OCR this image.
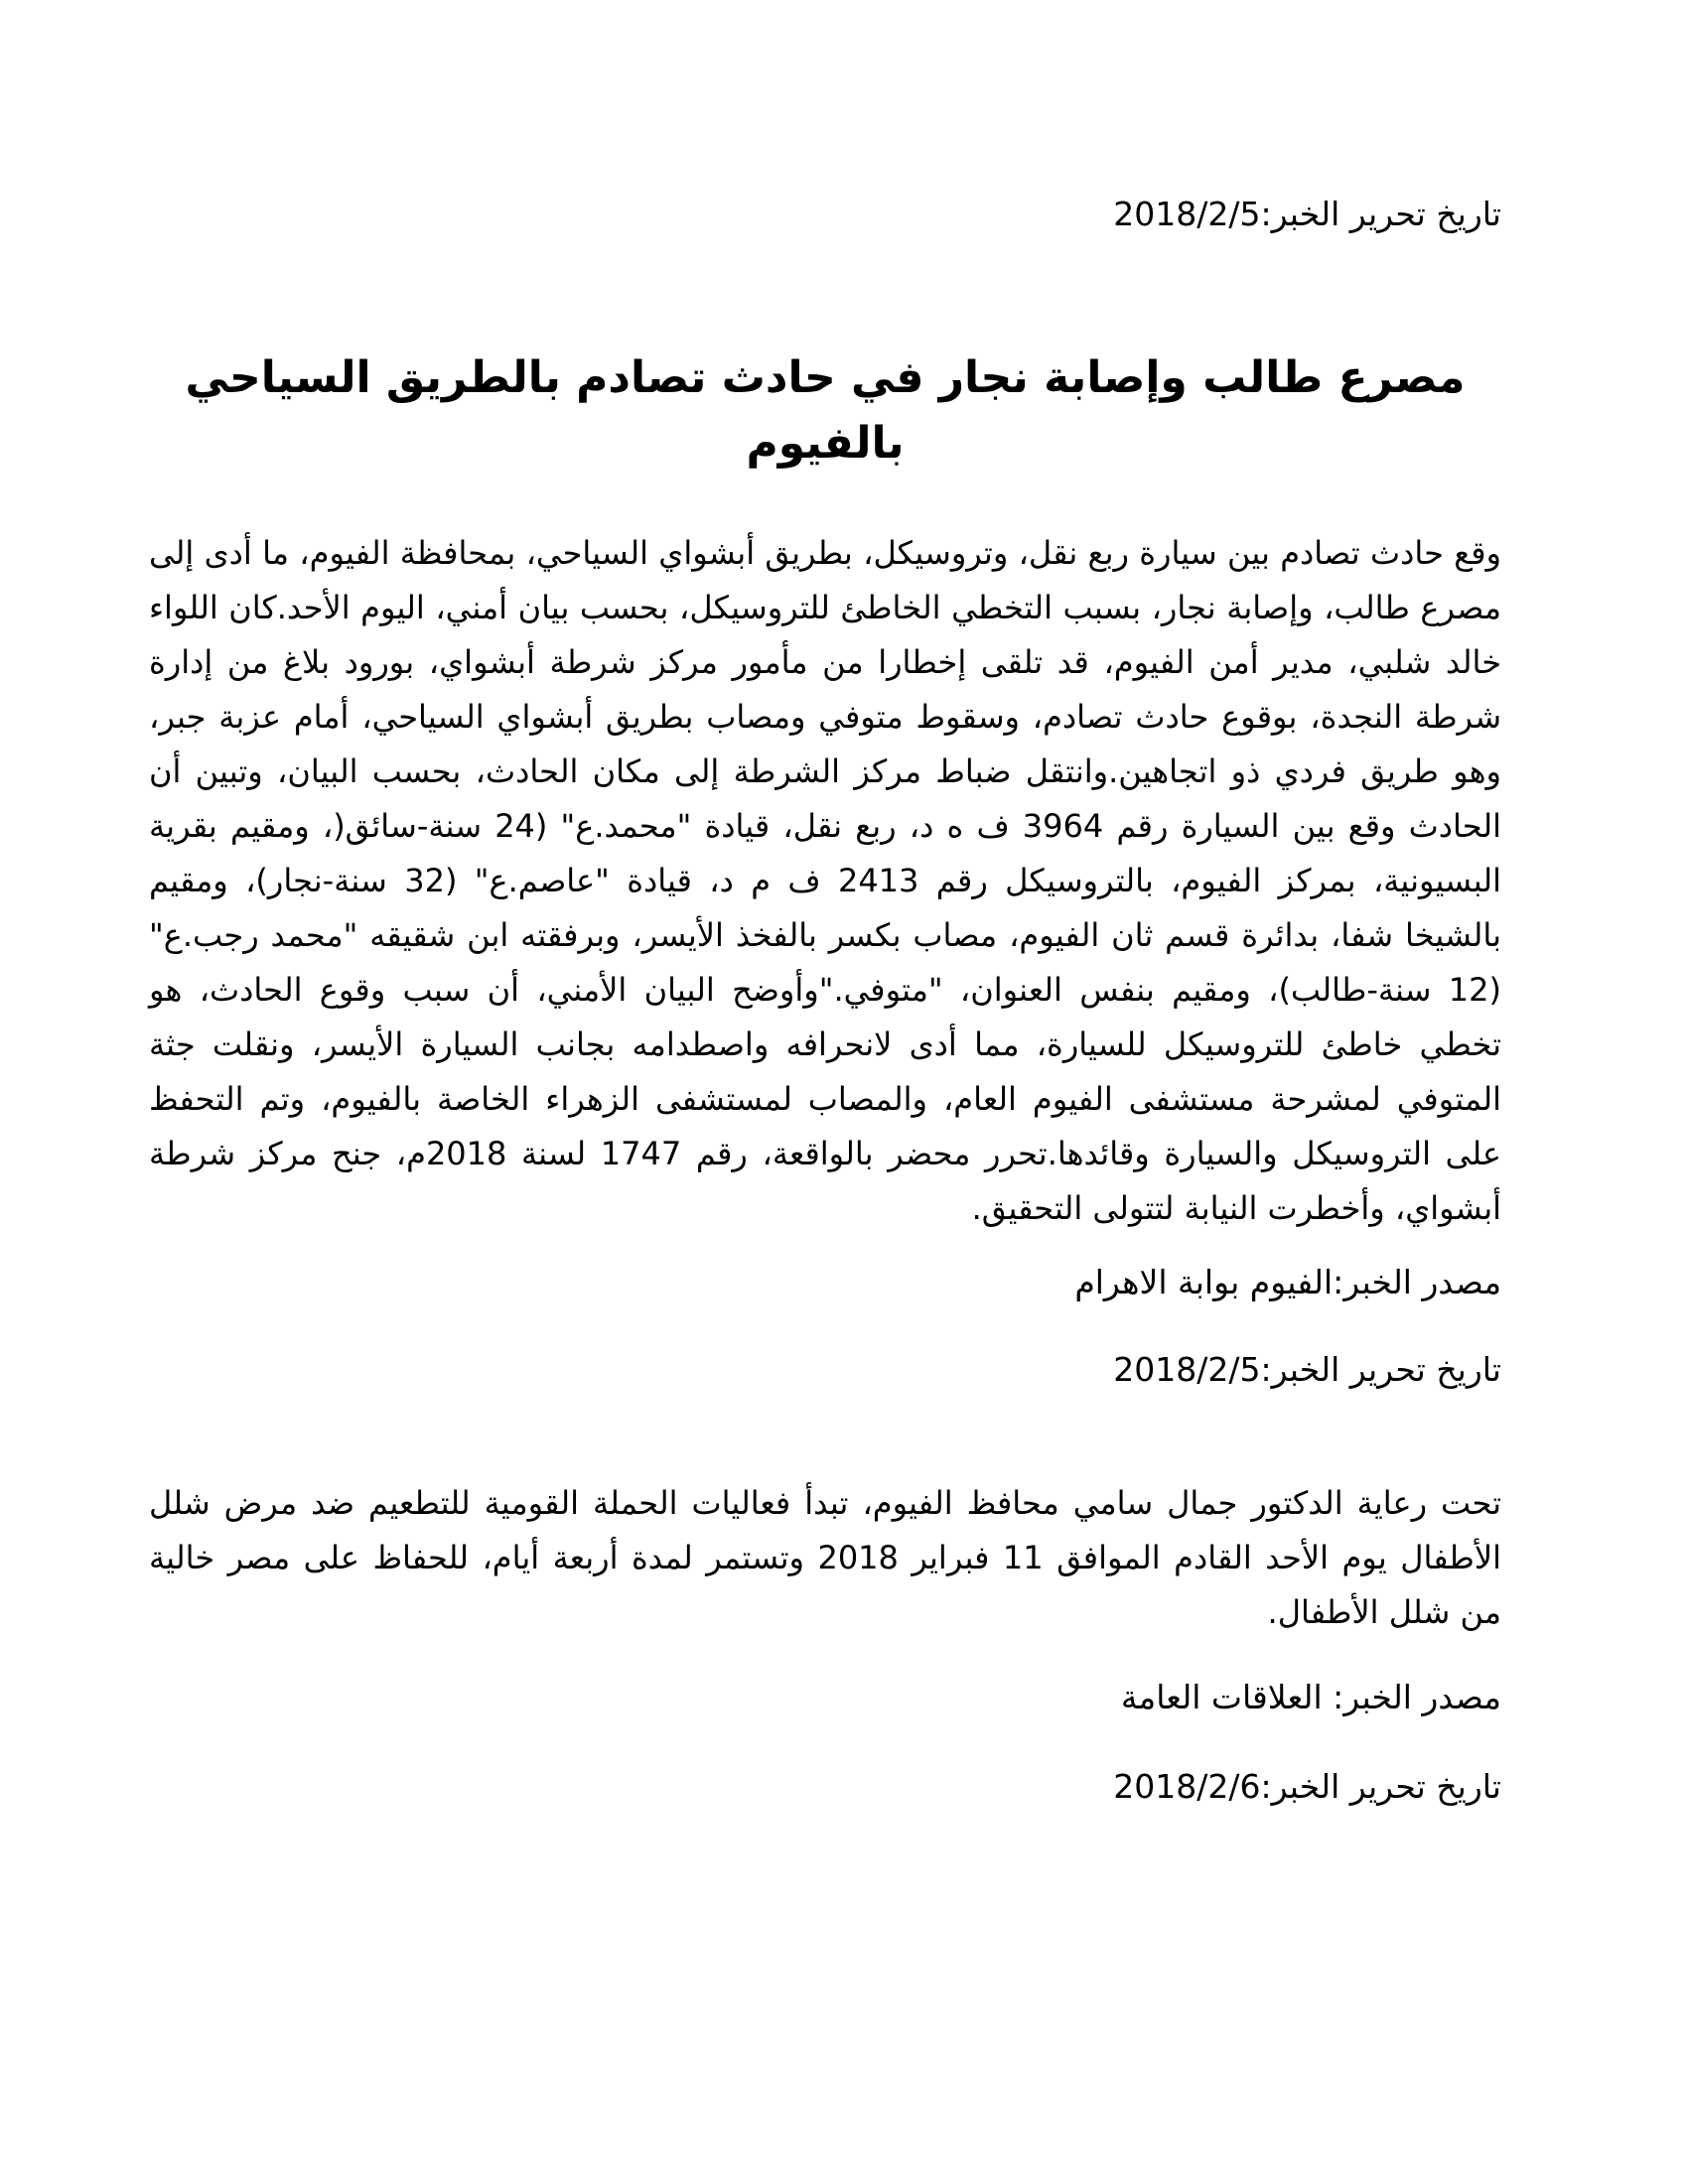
تاريخ تحرير الخبر:2018/2/5
مصرع طالب وإصابة نجار في حادث تصادم بالطريق السياحي بالفيوم

وقع حادث تصادم بين سيارة ربع نقل، وتروسيكل، بطريق أبشواي السياحي، بمحافظة الفيوم، ما أدى إلى مصرع طالب، وإصابة نجار، بسبب التخطي الخاطئ للتروسيكل، بحسب بيان أمني، اليوم الأحد.كان اللواء خالد شلبي، مدير أمن الفيوم، قد تلقى إخطارا من مأمور مركز شرطة أبشواي، بورود بلاغ من إدارة شرطة النجدة، بوقوع حادث تصادم، وسقوط متوفي ومصاب بطريق أبشواي السياحي، أمام عزبة جبر، وهو طريق فردي ذو اتجاهين.وانتقل ضباط مركز الشرطة إلى مكان الحادث، بحسب البيان، وتبين أن الحادث وقع بين السيارة رقم 3964 ف ه د، ربع نقل، قيادة "محمد.ع" (24 سنة-سائق(، ومقيم بقرية البسيونية، بمركز الفيوم، بالتروسيكل رقم 2413 ف م د، قيادة "عاصم.ع" (32 سنة-نجار)، ومقيم بالشيخا شفا، بدائرة قسم ثان الفيوم، مصاب بكسر بالفخذ الأيسر، وبرفقته ابن شقيقه "محمد رجب.ع" (12 سنة-طالب)، ومقيم بنفس العنوان، "متوفي."وأوضح البيان الأمني، أن سبب وقوع الحادث، هو تخطي خاطئ للتروسيكل للسيارة، مما أدى لانحرافه واصطدامه بجانب السيارة الأيسر، ونقلت جثة المتوفي لمشرحة مستشفى الفيوم العام، والمصاب لمستشفى الزهراء الخاصة بالفيوم، وتم التحفظ على التروسيكل والسيارة وقائدها.تحرر محضر بالواقعة، رقم 1747 لسنة 2018م، جنح مركز شرطة أبشواي، وأخطرت النيابة لتتولى التحقيق.

مصدر الخبر:الفيوم بوابة الاهرام
تاريخ تحرير الخبر:2018/2/5

تحت رعاية الدكتور جمال سامي محافظ الفيوم، تبدأ فعاليات الحملة القومية للتطعيم ضد مرض شلل الأطفال يوم الأحد القادم الموافق 11 فبراير 2018 وتستمر لمدة أربعة أيام، للحفاظ على مصر خالية من شلل الأطفال.

مصدر الخبر: العلاقات العامة
تاريخ تحرير الخبر:2018/2/6
